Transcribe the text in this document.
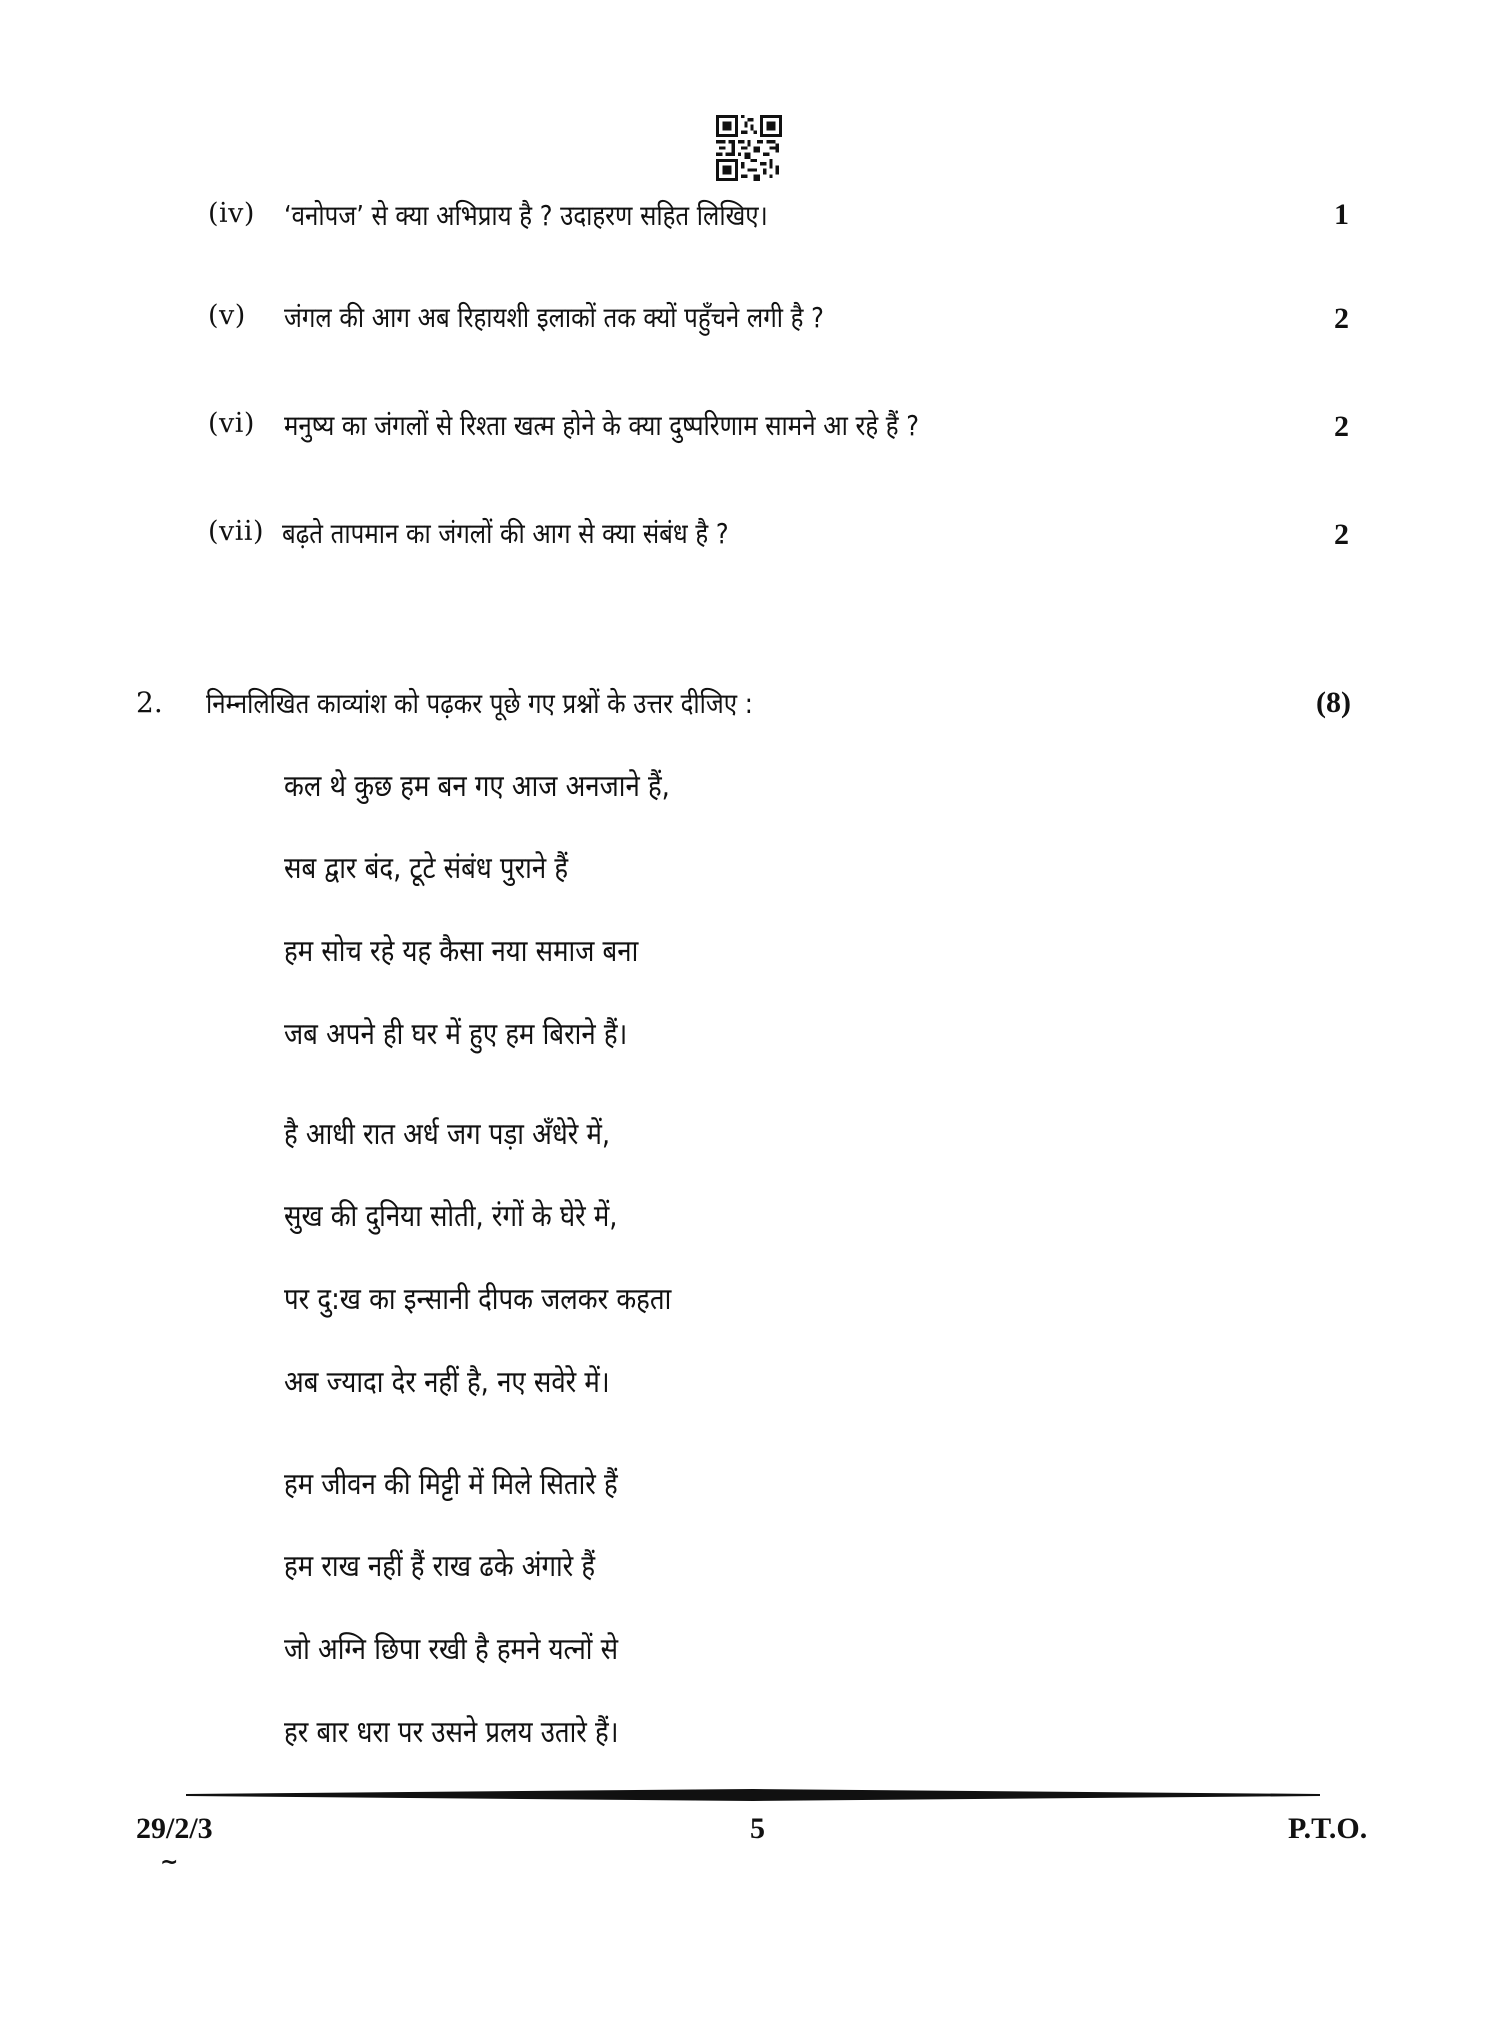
(iv) ‘वनोपज’ से क्या अभिप्राय है ? उदाहरण सहित लिखिए।	1
(v) जंगल की आग अब रिहायशी इलाकों तक क्यों पहुँचने लगी है ?	2
(vi) मनुष्य का जंगलों से रिश्ता खत्म होने के क्या दुष्परिणाम सामने आ रहे हैं ?	2
(vii) बढ़ते तापमान का जंगलों की आग से क्या संबंध है ?	2
2. निम्नलिखित काव्यांश को पढ़कर पूछे गए प्रश्नों के उत्तर दीजिए :	(8)
कल थे कुछ हम बन गए आज अनजाने हैं,
सब द्वार बंद, टूटे संबंध पुराने हैं
हम सोच रहे यह कैसा नया समाज बना
जब अपने ही घर में हुए हम बिराने हैं।
है आधी रात अर्ध जग पड़ा अँधेरे में,
सुख की दुनिया सोती, रंगों के घेरे में,
पर दु:ख का इन्सानी दीपक जलकर कहता
अब ज्यादा देर नहीं है, नए सवेरे में।
हम जीवन की मिट्टी में मिले सितारे हैं
हम राख नहीं हैं राख ढके अंगारे हैं
जो अग्नि छिपा रखी है हमने यत्नों से
हर बार धरा पर उसने प्रलय उतारे हैं।
29/2/3	5	P.T.O.
~
